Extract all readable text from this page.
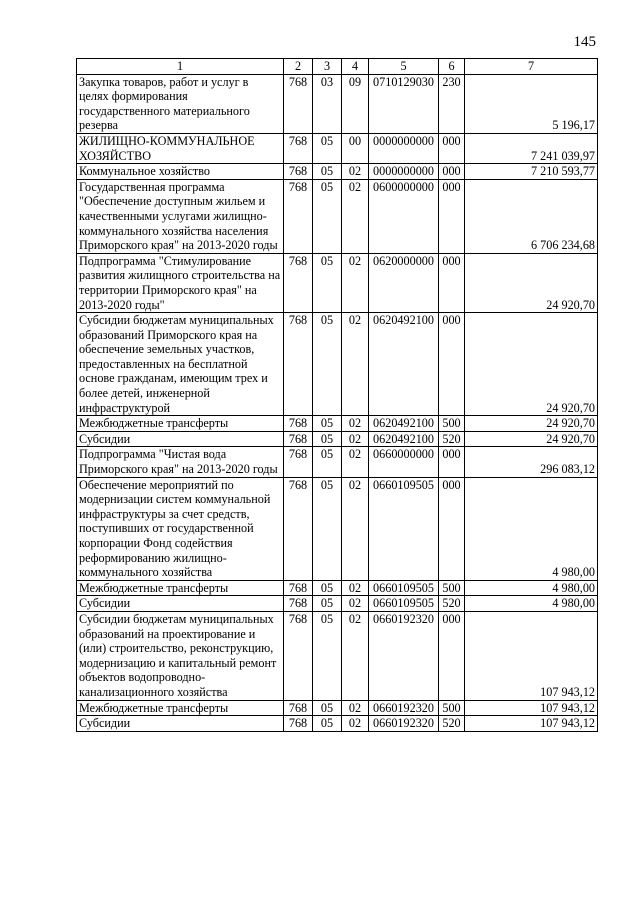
145
1	2	3	4	5	6	7
Закупка товаров, работ и услуг в целях формирования государственного материального резерва	768	03	09	0710129030	230	5 196,17
ЖИЛИЩНО-КОММУНАЛЬНОЕ ХОЗЯЙСТВО	768	05	00	0000000000	000	7 241 039,97
Коммунальное хозяйство	768	05	02	0000000000	000	7 210 593,77
Государственная программа "Обеспечение доступным жильем и качественными услугами жилищно-коммунального хозяйства населения Приморского края" на 2013-2020 годы	768	05	02	0600000000	000	6 706 234,68
Подпрограмма "Стимулирование развития жилищного строительства на территории Приморского края" на 2013-2020 годы"	768	05	02	0620000000	000	24 920,70
Субсидии бюджетам муниципальных образований Приморского края на обеспечение земельных участков, предоставленных на бесплатной основе гражданам, имеющим трех и более детей, инженерной инфраструктурой	768	05	02	0620492100	000	24 920,70
Межбюджетные трансферты	768	05	02	0620492100	500	24 920,70
Субсидии	768	05	02	0620492100	520	24 920,70
Подпрограмма "Чистая вода Приморского края" на 2013-2020 годы	768	05	02	0660000000	000	296 083,12
Обеспечение мероприятий по модернизации систем коммунальной инфраструктуры за счет средств, поступивших от государственной корпорации Фонд содействия реформированию жилищно-коммунального хозяйства	768	05	02	0660109505	000	4 980,00
Межбюджетные трансферты	768	05	02	0660109505	500	4 980,00
Субсидии	768	05	02	0660109505	520	4 980,00
Субсидии бюджетам муниципальных образований на проектирование и (или) строительство, реконструкцию, модернизацию и капитальный ремонт объектов водопроводно-канализационного хозяйства	768	05	02	0660192320	000	107 943,12
Межбюджетные трансферты	768	05	02	0660192320	500	107 943,12
Субсидии	768	05	02	0660192320	520	107 943,12
